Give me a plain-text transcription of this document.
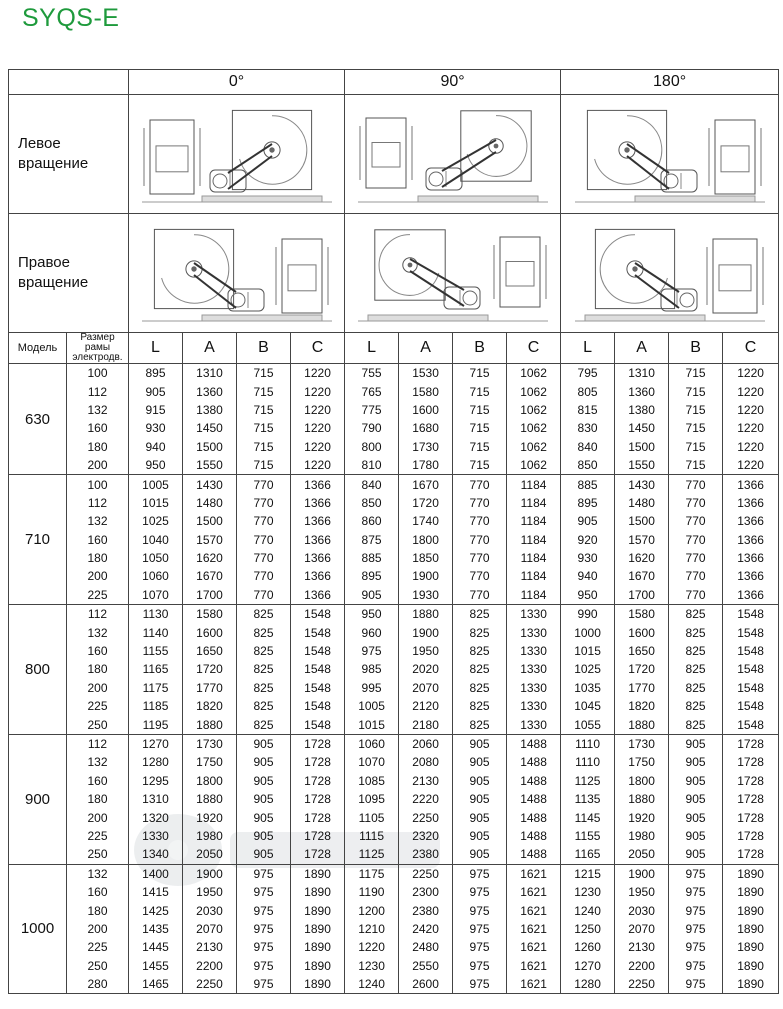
SYQS-E
		0°				90°				180°			
Левое вращение	

Правое вращение	

Модель	Размер рамы электродв.	L	A	B	C	L	A	B	C	L	A	B	C
630	100	895	1310	715	1220	755	1530	715	1062	795	1310	715	1220
	112	905	1360	715	1220	765	1580	715	1062	805	1360	715	1220
	132	915	1380	715	1220	775	1600	715	1062	815	1380	715	1220
	160	930	1450	715	1220	790	1680	715	1062	830	1450	715	1220
	180	940	1500	715	1220	800	1730	715	1062	840	1500	715	1220
	200	950	1550	715	1220	810	1780	715	1062	850	1550	715	1220
710	100	1005	1430	770	1366	840	1670	770	1184	885	1430	770	1366
	112	1015	1480	770	1366	850	1720	770	1184	895	1480	770	1366
	132	1025	1500	770	1366	860	1740	770	1184	905	1500	770	1366
	160	1040	1570	770	1366	875	1800	770	1184	920	1570	770	1366
	180	1050	1620	770	1366	885	1850	770	1184	930	1620	770	1366
	200	1060	1670	770	1366	895	1900	770	1184	940	1670	770	1366
	225	1070	1700	770	1366	905	1930	770	1184	950	1700	770	1366
800	112	1130	1580	825	1548	950	1880	825	1330	990	1580	825	1548
	132	1140	1600	825	1548	960	1900	825	1330	1000	1600	825	1548
	160	1155	1650	825	1548	975	1950	825	1330	1015	1650	825	1548
	180	1165	1720	825	1548	985	2020	825	1330	1025	1720	825	1548
	200	1175	1770	825	1548	995	2070	825	1330	1035	1770	825	1548
	225	1185	1820	825	1548	1005	2120	825	1330	1045	1820	825	1548
	250	1195	1880	825	1548	1015	2180	825	1330	1055	1880	825	1548
900	112	1270	1730	905	1728	1060	2060	905	1488	1110	1730	905	1728
	132	1280	1750	905	1728	1070	2080	905	1488	1110	1750	905	1728
	160	1295	1800	905	1728	1085	2130	905	1488	1125	1800	905	1728
	180	1310	1880	905	1728	1095	2220	905	1488	1135	1880	905	1728
	200	1320	1920	905	1728	1105	2250	905	1488	1145	1920	905	1728
	225	1330	1980	905	1728	1115	2320	905	1488	1155	1980	905	1728
	250	1340	2050	905	1728	1125	2380	905	1488	1165	2050	905	1728
1000	132	1400	1900	975	1890	1175	2250	975	1621	1215	1900	975	1890
	160	1415	1950	975	1890	1190	2300	975	1621	1230	1950	975	1890
	180	1425	2030	975	1890	1200	2380	975	1621	1240	2030	975	1890
	200	1435	2070	975	1890	1210	2420	975	1621	1250	2070	975	1890
	225	1445	2130	975	1890	1220	2480	975	1621	1260	2130	975	1890
	250	1455	2200	975	1890	1230	2550	975	1621	1270	2200	975	1890
	280	1465	2250	975	1890	1240	2600	975	1621	1280	2250	975	1890
